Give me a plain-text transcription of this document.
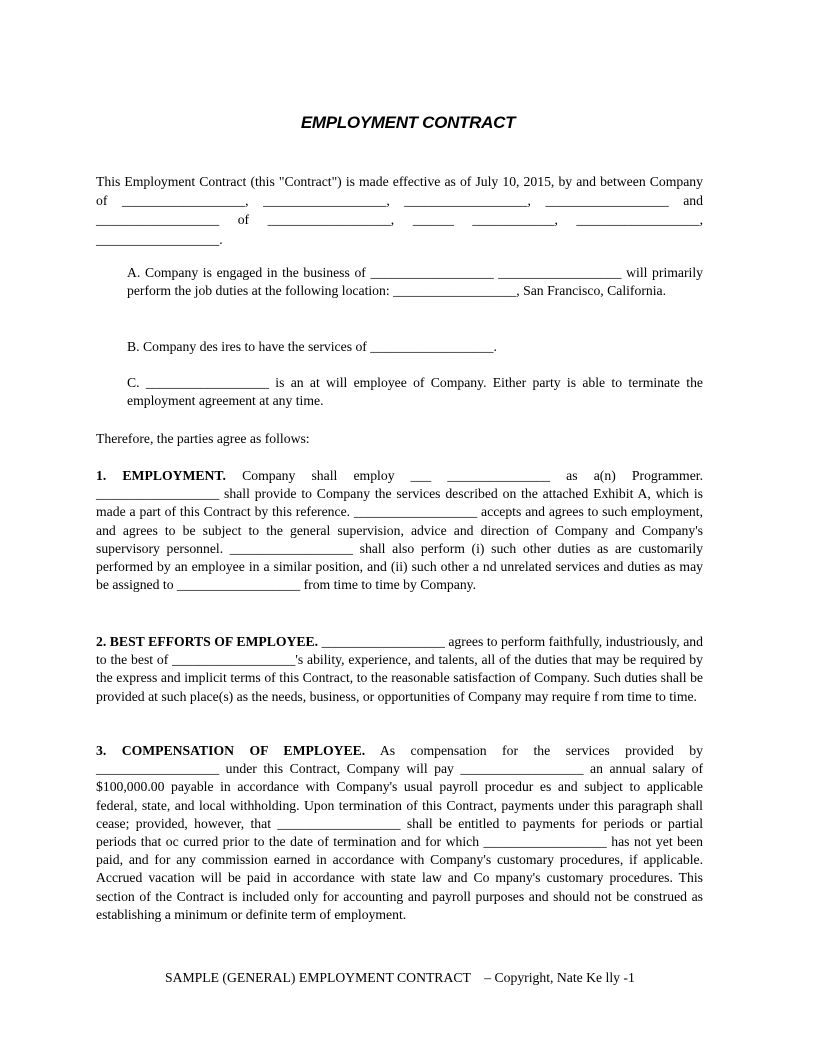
EMPLOYMENT CONTRACT

This Employment Contract (this "Contract") is made effective as of July 10, 2015, by and between Company of __________________, __________________, __________________, __________________ and __________________ of __________________, ______ ____________, __________________, __________________.

A. Company is engaged in the business of __________________ __________________ will primarily perform the job duties at the following location: __________________, San Francisco, California.

B. Company des ires to have the services of __________________.

C. __________________ is an at will employee of Company. Either party is able to terminate the employment agreement at any time.

Therefore, the parties agree as follows:

1. EMPLOYMENT. Company shall employ ___ _______________ as a(n) Programmer. __________________ shall provide to Company the services described on the attached Exhibit A, which is made a part of this Contract by this reference. __________________ accepts and agrees to such employment, and agrees to be subject to the general supervision, advice and direction of Company and Company's supervisory personnel. __________________ shall also perform (i) such other duties as are customarily performed by an employee in a similar position, and (ii) such other a nd unrelated services and duties as may be assigned to __________________ from time to time by Company.

2. BEST EFFORTS OF EMPLOYEE. __________________ agrees to perform faithfully, industriously, and to the best of __________________'s ability, experience, and talents, all of the duties that may be required by the express and implicit terms of this Contract, to the reasonable satisfaction of Company. Such duties shall be provided at such place(s) as the needs, business, or opportunities of Company may require f rom time to time.

3. COMPENSATION OF EMPLOYEE. As compensation for the services provided by __________________ under this Contract, Company will pay __________________ an annual salary of $100,000.00 payable in accordance with Company's usual payroll procedur es and subject to applicable federal, state, and local withholding. Upon termination of this Contract, payments under this paragraph shall cease; provided, however, that __________________ shall be entitled to payments for periods or partial periods that oc curred prior to the date of termination and for which __________________ has not yet been paid, and for any commission earned in accordance with Company's customary procedures, if applicable. Accrued vacation will be paid in accordance with state law and Co mpany's customary procedures. This section of the Contract is included only for accounting and payroll purposes and should not be construed as establishing a minimum or definite term of employment.

SAMPLE (GENERAL) EMPLOYMENT CONTRACT    – Copyright, Nate Ke lly -1
